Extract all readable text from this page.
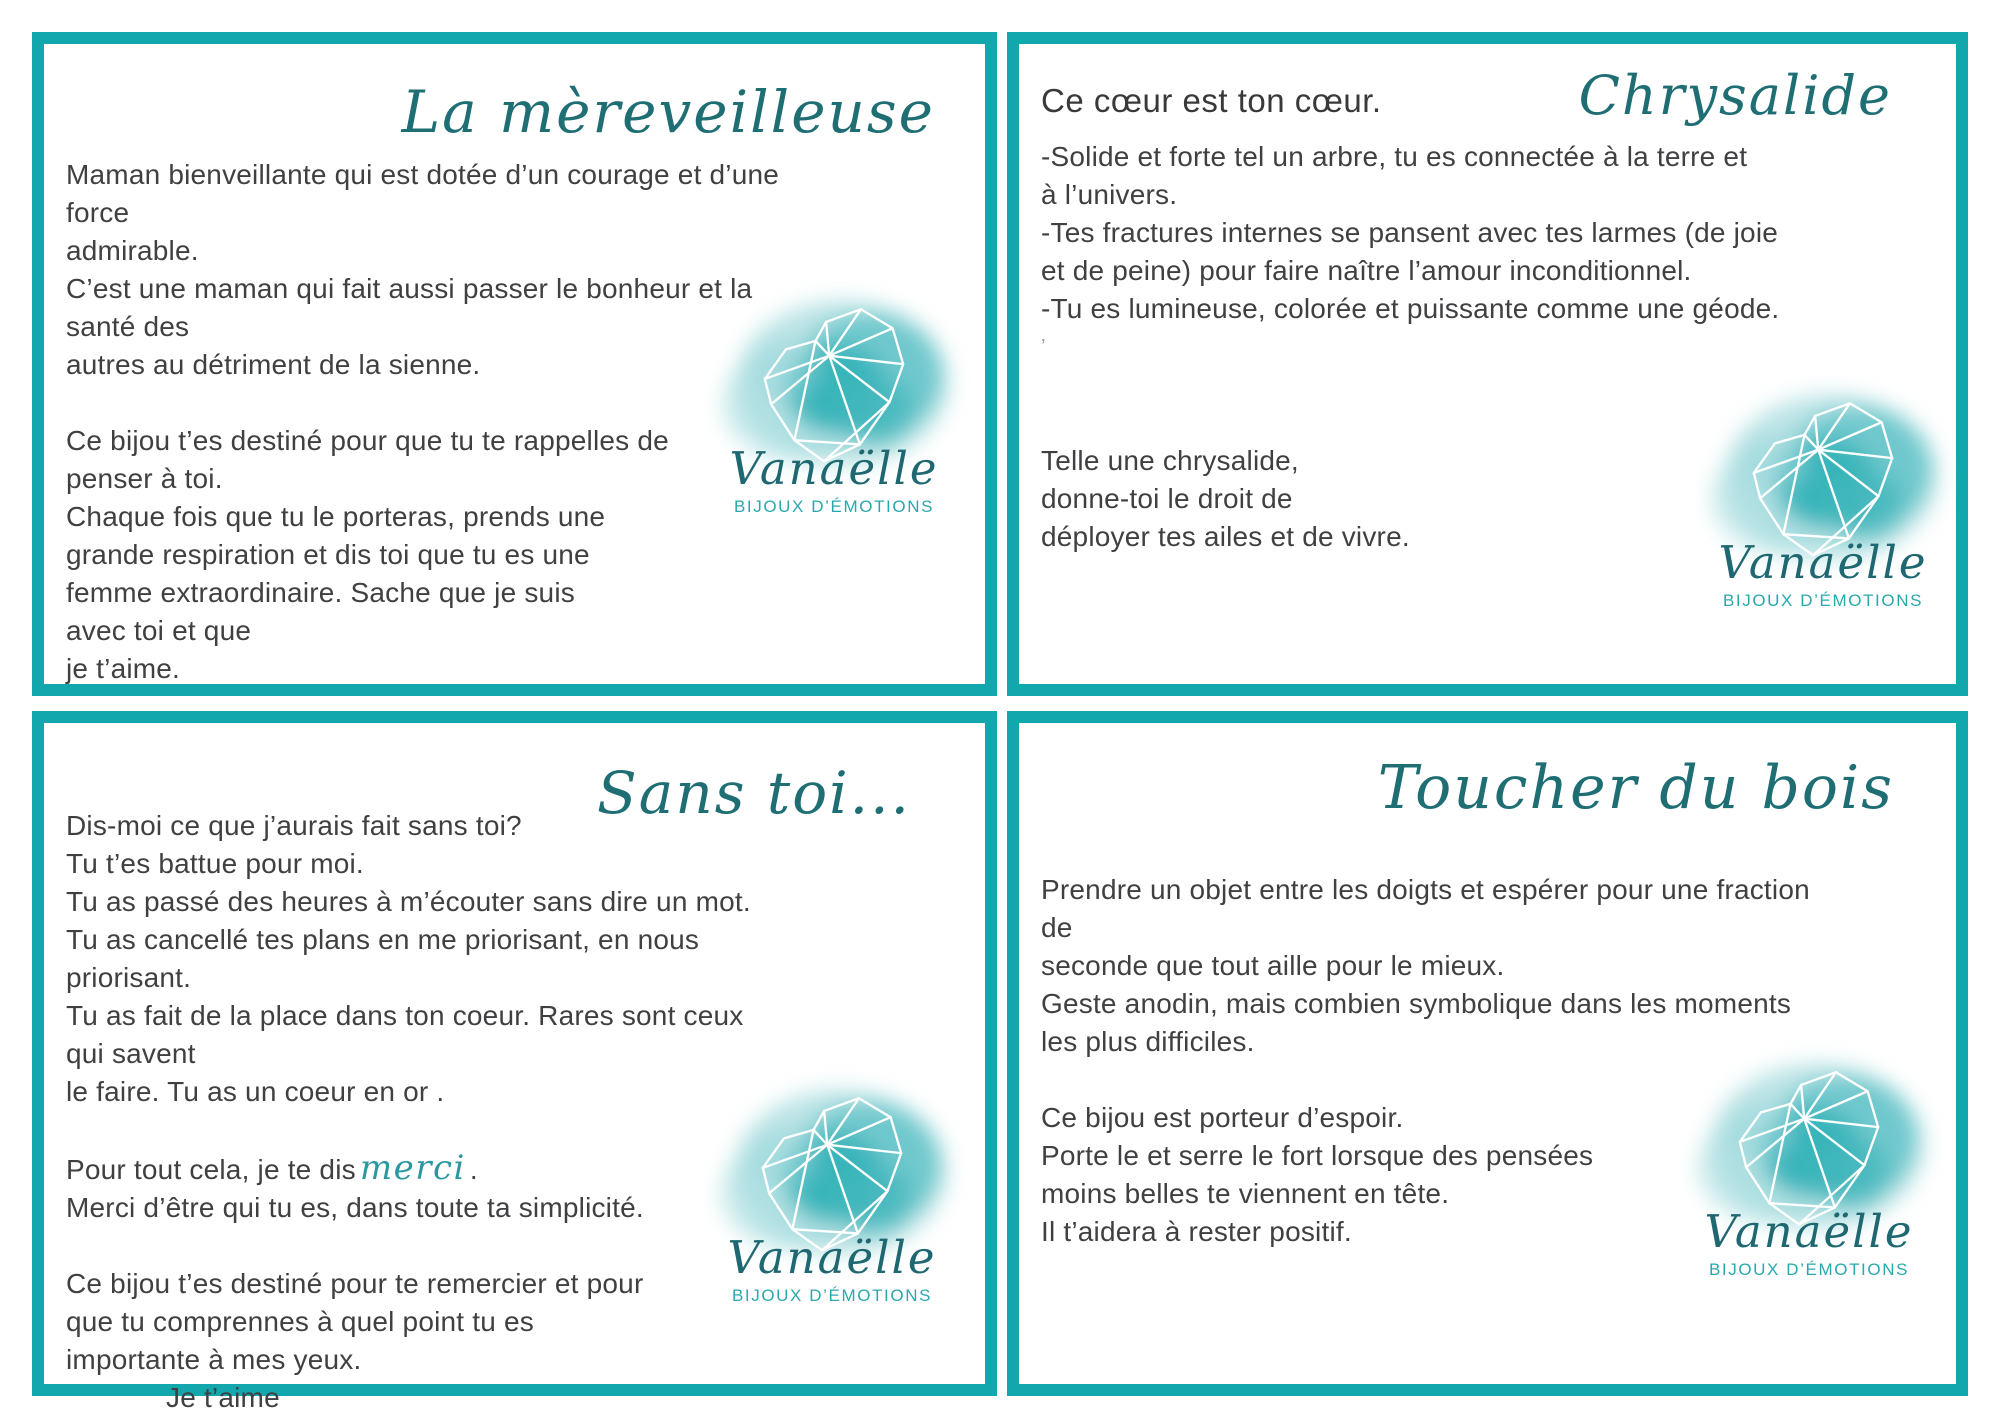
La mèreveilleuse
Maman bienveillante qui est dotée d’un courage et d’une force
admirable.
C’est une maman qui fait aussi passer le bonheur et la santé des
autres au détriment de la sienne.

Ce bijou t’es destiné pour que tu te rappelles de
penser à toi.
Chaque fois que tu le porteras, prends une
grande respiration et dis toi que tu es une
femme extraordinaire. Sache que je suis
avec toi et que
je t’aime.
Vanaëlle
BIJOUX D’ÉMOTIONS
Chrysalide
Ce cœur est ton cœur.
-Solide et forte tel un arbre, tu es connectée à la terre et
à l’univers.
-Tes fractures internes se pansent avec tes larmes (de joie
et de peine) pour faire naître l’amour inconditionnel.
-Tu es lumineuse, colorée et puissante comme une géode.
’

Telle une chrysalide,
donne-toi le droit de
déployer tes ailes et de vivre.	Vanaëlle
BIJOUX D’ÉMOTIONS
Sans toi...
Dis-moi ce que j’aurais fait sans toi?
Tu t’es battue pour moi.
Tu as passé des heures à m’écouter sans dire un mot.
Tu as cancellé tes plans en me priorisant, en nous priorisant.
Tu as fait de la place dans ton coeur. Rares sont ceux qui savent
le faire. Tu as un coeur en or .

Pour tout cela, je te dis merci .
Merci d’être qui tu es, dans toute ta simplicité.

Ce bijou t’es destiné pour te remercier et pour
que tu comprennes à quel point tu es
importante à mes yeux.
Je t’aime
Vanaëlle
BIJOUX D’ÉMOTIONS
Toucher du bois
Prendre un objet entre les doigts et espérer pour une fraction de
seconde que tout aille pour le mieux.
Geste anodin, mais combien symbolique dans les moments
les plus difficiles.

Ce bijou est porteur d’espoir.
Porte le et serre le fort lorsque des pensées
moins belles te viennent en tête.
Il t’aidera à rester positif.	Vanaëlle
BIJOUX D’ÉMOTIONS
